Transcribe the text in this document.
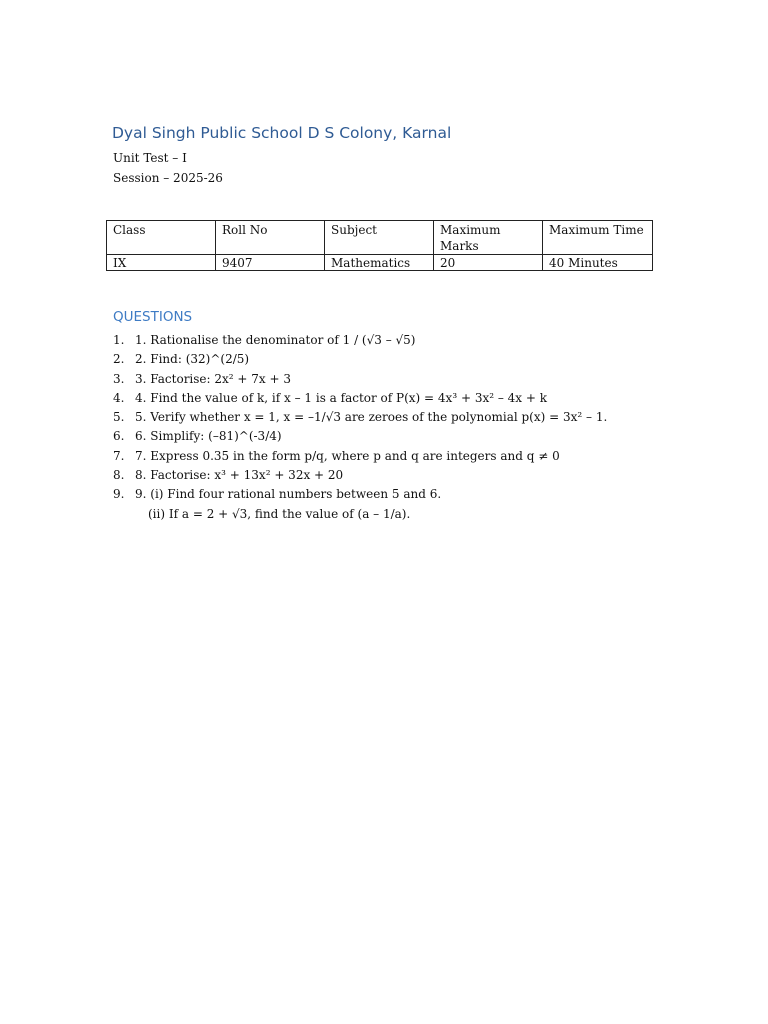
Dyal Singh Public School D S Colony, Karnal
Unit Test – I
Session – 2025-26
Class	Roll No	Subject	Maximum Marks	Maximum Time
IX	9407	Mathematics	20	40 Minutes
QUESTIONS
1. 1. Rationalise the denominator of 1 / (√3 – √5)
2. 2. Find: (32)^(2/5)
3. 3. Factorise: 2x² + 7x + 3
4. 4. Find the value of k, if x – 1 is a factor of P(x) = 4x³ + 3x² – 4x + k
5. 5. Verify whether x = 1, x = –1/√3 are zeroes of the polynomial p(x) = 3x² – 1.
6. 6. Simplify: (–81)^(-3/4)
7. 7. Express 0.35 in the form p/q, where p and q are integers and q ≠ 0
8. 8. Factorise: x³ + 13x² + 32x + 20
9. 9. (i) Find four rational numbers between 5 and 6.
(ii) If a = 2 + √3, find the value of (a – 1/a).
